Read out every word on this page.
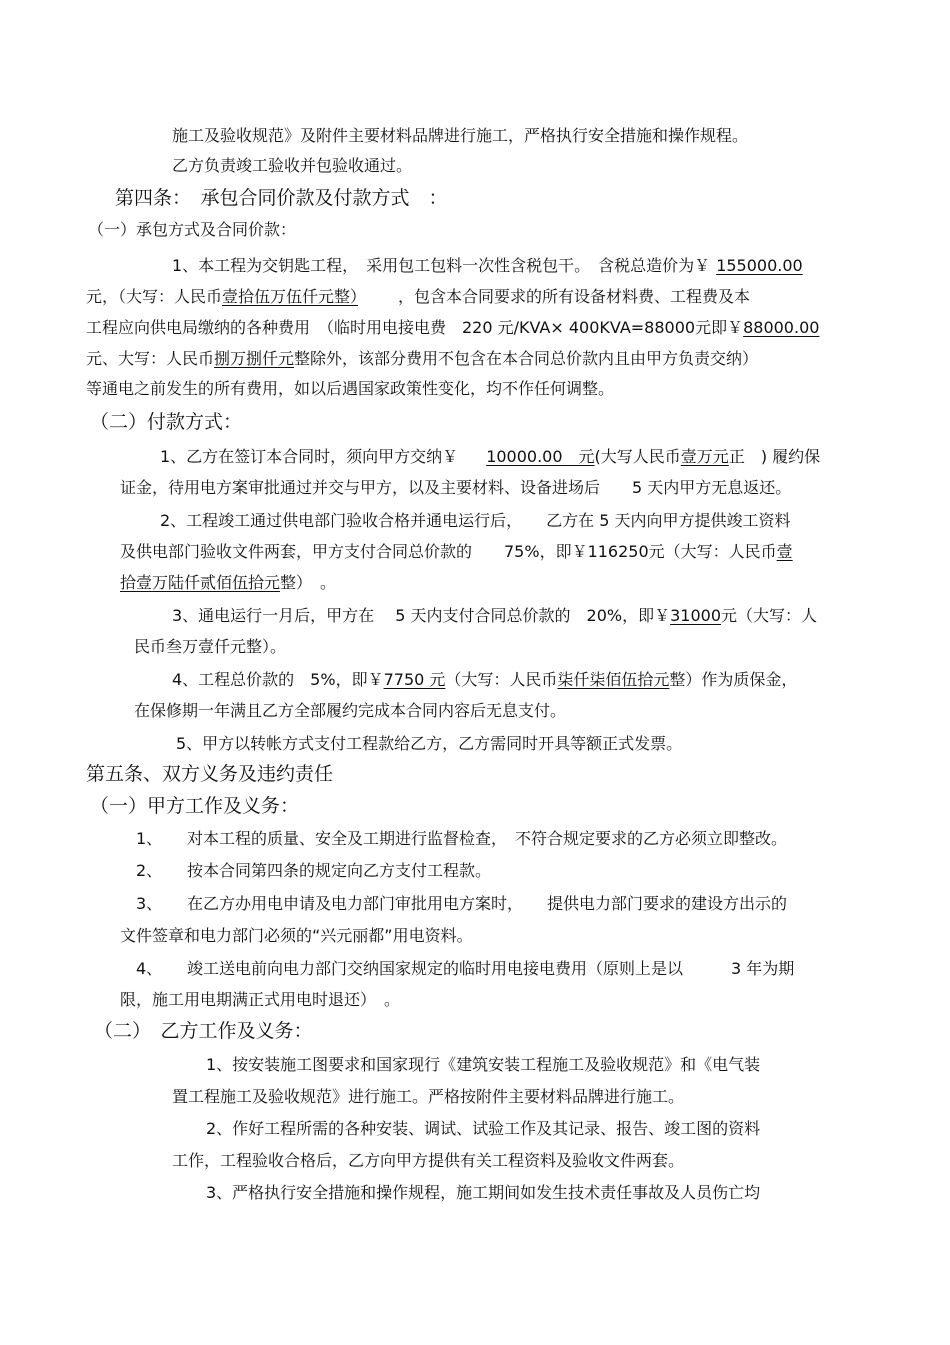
施工及验收规范》及附件主要材料品牌进行施工，严格执行安全措施和操作规程。
乙方负责竣工验收并包验收通过。
第四条：　承包合同价款及付款方式　：
（一）承包方式及合同价款：
1、本工程为交钥匙工程，　采用包工包料一次性含税包干。　含税总造价为￥ 155000.00
元，（大写：人民币壹拾伍万伍仟元整）	，包含本合同要求的所有设备材料费、工程费及本
工程应向供电局缴纳的各种费用　（临时用电接电费　220 元/KVA× 400KVA=88000元即￥88000.00
元、大写：人民币捌万捌仟元整除外，该部分费用不包含在本合同总价款内且由甲方负责交纳）
等通电之前发生的所有费用，如以后遇国家政策性变化，均不作任何调整。
（二）付款方式：
1、乙方在签订本合同时，须向甲方交纳￥ 10000.00　元(大写人民币壹万元正　) 履约保
证金，待用电方案审批通过并交与甲方，以及主要材料、设备进场后　　5 天内甲方无息返还。
2、工程竣工通过供电部门验收合格并通电运行后，　　乙方在 5 天内向甲方提供竣工资料
及供电部门验收文件两套，甲方支付合同总价款的　　75%，即￥116250元（大写：人民币壹
拾壹万陆仟贰佰伍拾元整）　。
3、通电运行一月后，甲方在　 5 天内支付合同总价款的　20%，即￥31000元（大写：人
民币叁万壹仟元整）。
4、工程总价款的　5%，即￥7750 元（大写：人民币柒仟柒佰伍拾元整）作为质保金，
在保修期一年满且乙方全部履约完成本合同内容后无息支付。
5、甲方以转帐方式支付工程款给乙方，乙方需同时开具等额正式发票。
第五条、双方义务及违约责任
（一）甲方工作及义务：
1、 对本工程的质量、安全及工期进行监督检查，　不符合规定要求的乙方必须立即整改。
2、 按本合同第四条的规定向乙方支付工程款。
3、 在乙方办用电申请及电力部门审批用电方案时，　　提供电力部门要求的建设方出示的
文件签章和电力部门必须的“兴元丽都”用电资料。
4、 竣工送电前向电力部门交纳国家规定的临时用电接电费用（原则上是以　　　3 年为期
限，施工用电期满正式用电时退还）　。
（二）　乙方工作及义务：
1、按安装施工图要求和国家现行《建筑安装工程施工及验收规范》和《电气装
置工程施工及验收规范》进行施工。严格按附件主要材料品牌进行施工。
2、作好工程所需的各种安装、调试、试验工作及其记录、报告、竣工图的资料
工作，工程验收合格后，乙方向甲方提供有关工程资料及验收文件两套。
3、严格执行安全措施和操作规程，施工期间如发生技术责任事故及人员伤亡均
